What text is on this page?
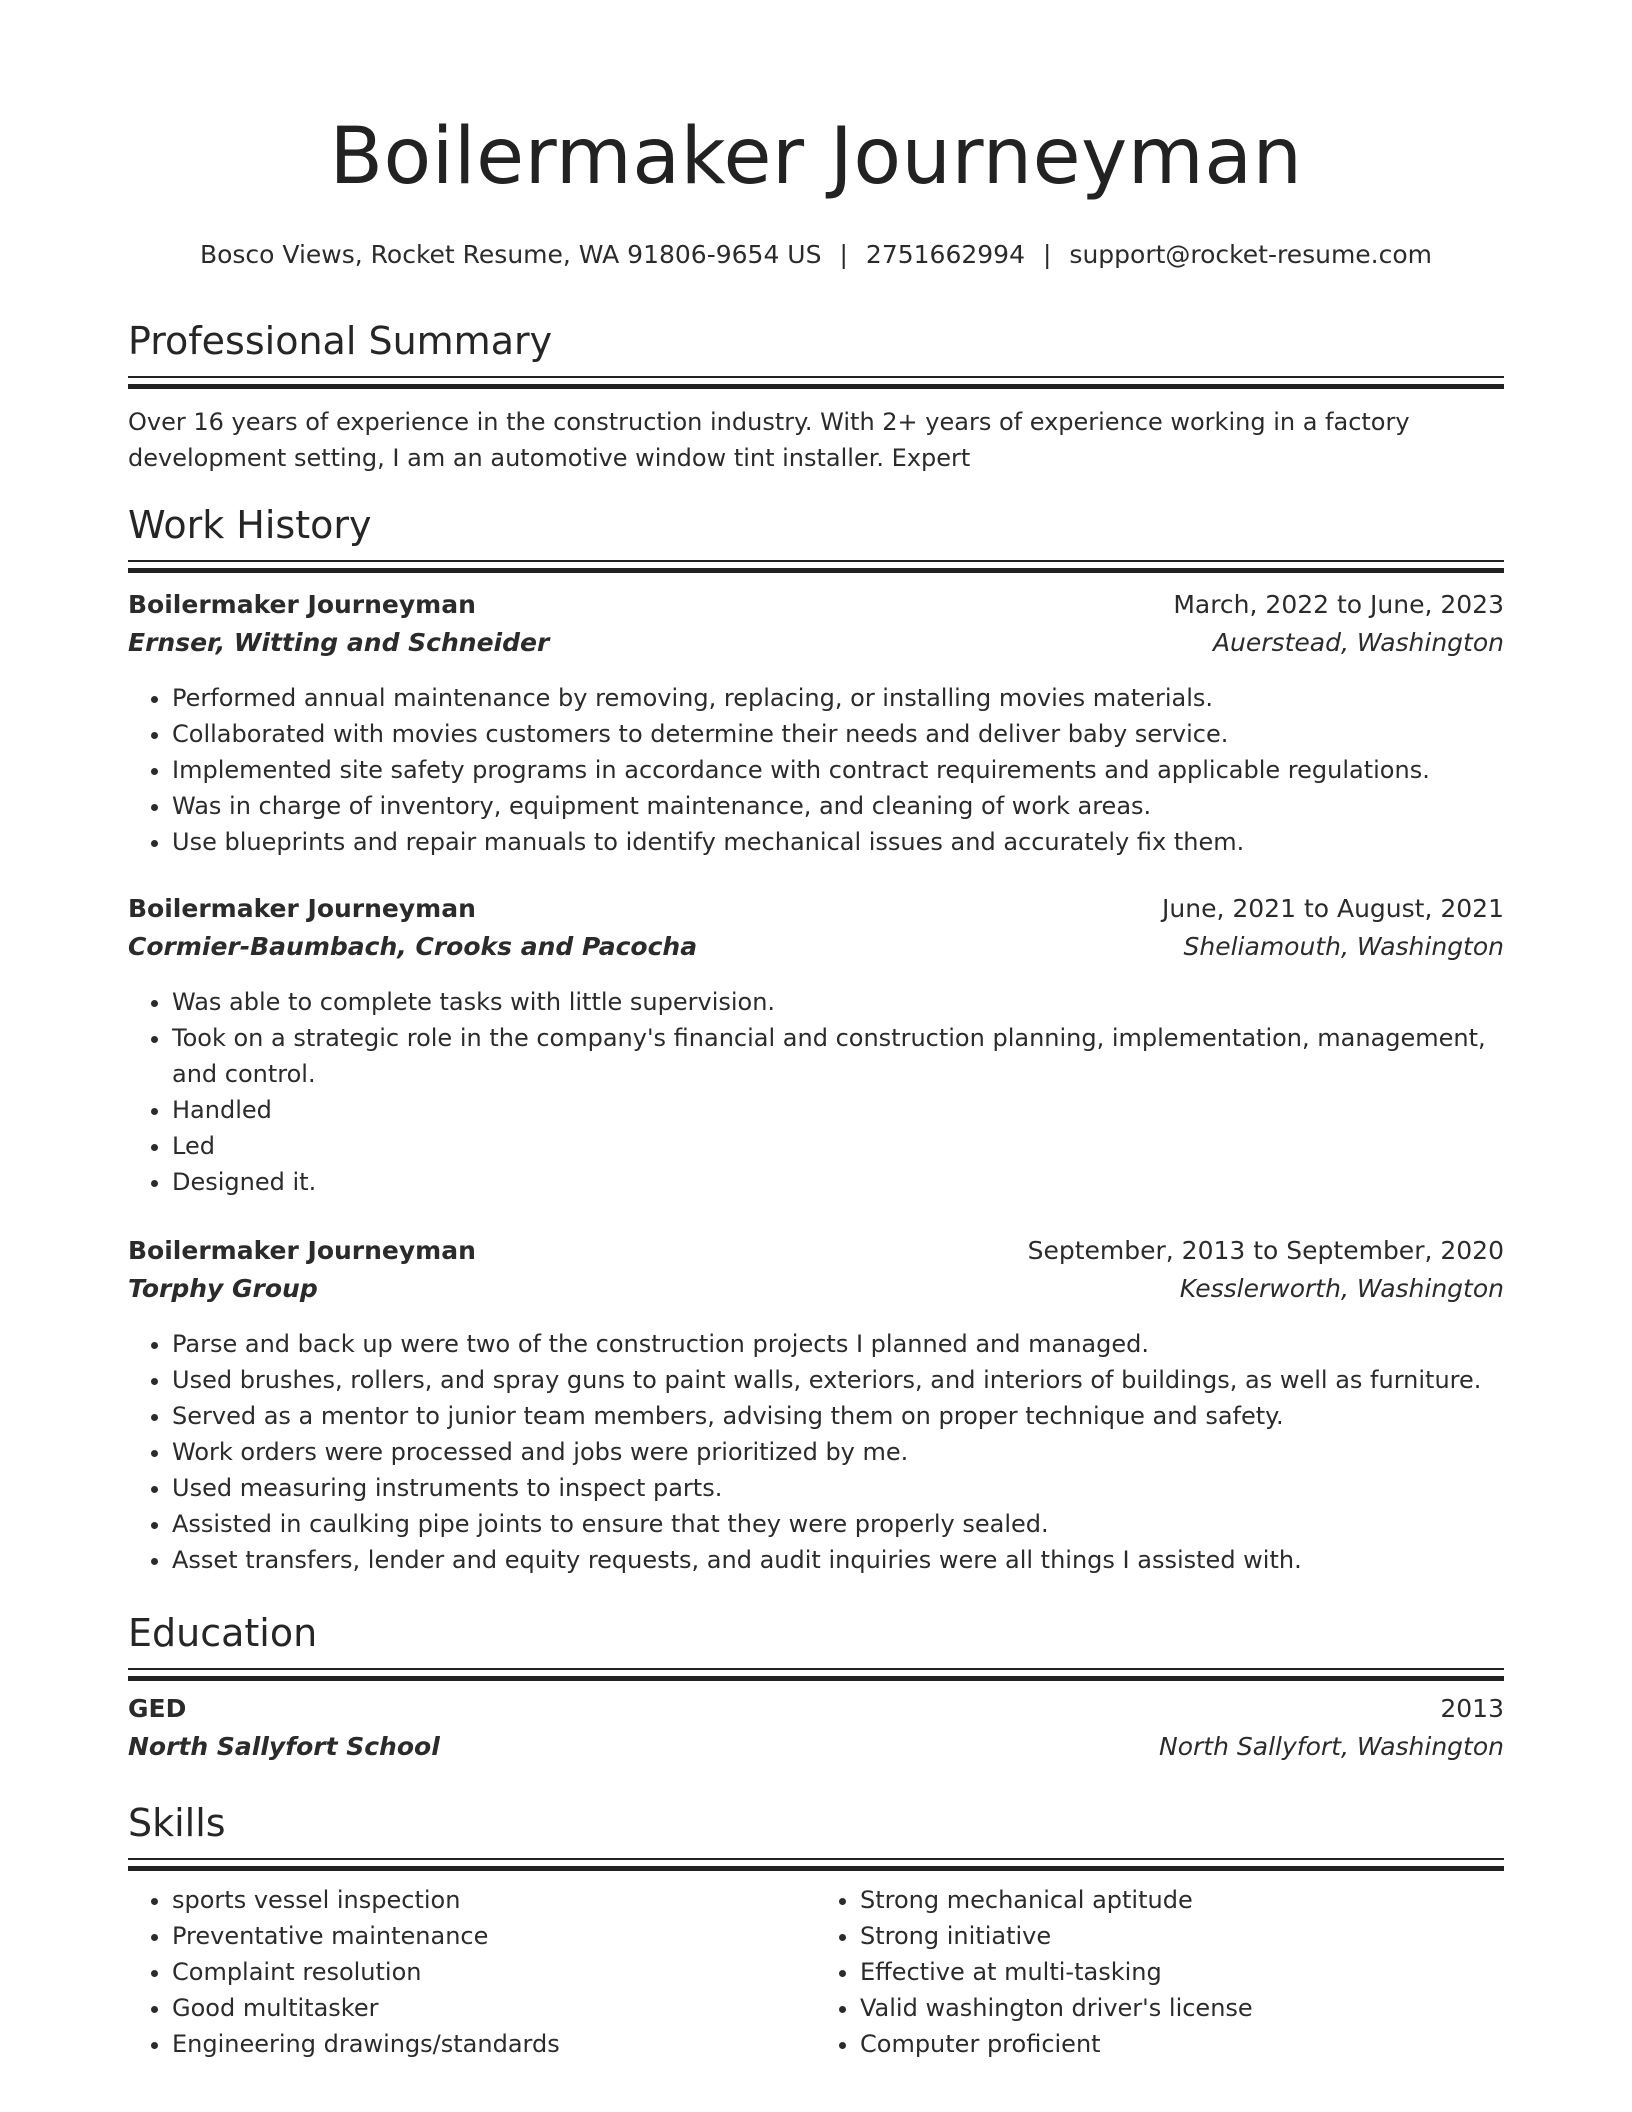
Boilermaker Journeyman
Bosco Views, Rocket Resume, WA 91806-9654 US | 2751662994 | support@rocket-resume.com
Professional Summary
Over 16 years of experience in the construction industry. With 2+ years of experience working in a factory development setting, I am an automotive window tint installer. Expert
Work History
Boilermaker Journeyman	March, 2022 to June, 2023
Ernser, Witting and Schneider	Auerstead, Washington
• Performed annual maintenance by removing, replacing, or installing movies materials.
• Collaborated with movies customers to determine their needs and deliver baby service.
• Implemented site safety programs in accordance with contract requirements and applicable regulations.
• Was in charge of inventory, equipment maintenance, and cleaning of work areas.
• Use blueprints and repair manuals to identify mechanical issues and accurately fix them.
Boilermaker Journeyman	June, 2021 to August, 2021
Cormier-Baumbach, Crooks and Pacocha	Sheliamouth, Washington
• Was able to complete tasks with little supervision.
• Took on a strategic role in the company's financial and construction planning, implementation, management, and control.
• Handled
• Led
• Designed it.
Boilermaker Journeyman	September, 2013 to September, 2020
Torphy Group	Kesslerworth, Washington
• Parse and back up were two of the construction projects I planned and managed.
• Used brushes, rollers, and spray guns to paint walls, exteriors, and interiors of buildings, as well as furniture.
• Served as a mentor to junior team members, advising them on proper technique and safety.
• Work orders were processed and jobs were prioritized by me.
• Used measuring instruments to inspect parts.
• Assisted in caulking pipe joints to ensure that they were properly sealed.
• Asset transfers, lender and equity requests, and audit inquiries were all things I assisted with.
Education
GED	2013
North Sallyfort School	North Sallyfort, Washington
Skills
• sports vessel inspection
• Preventative maintenance
• Complaint resolution
• Good multitasker
• Engineering drawings/standards
• Strong mechanical aptitude
• Strong initiative
• Effective at multi-tasking
• Valid washington driver's license
• Computer proficient
